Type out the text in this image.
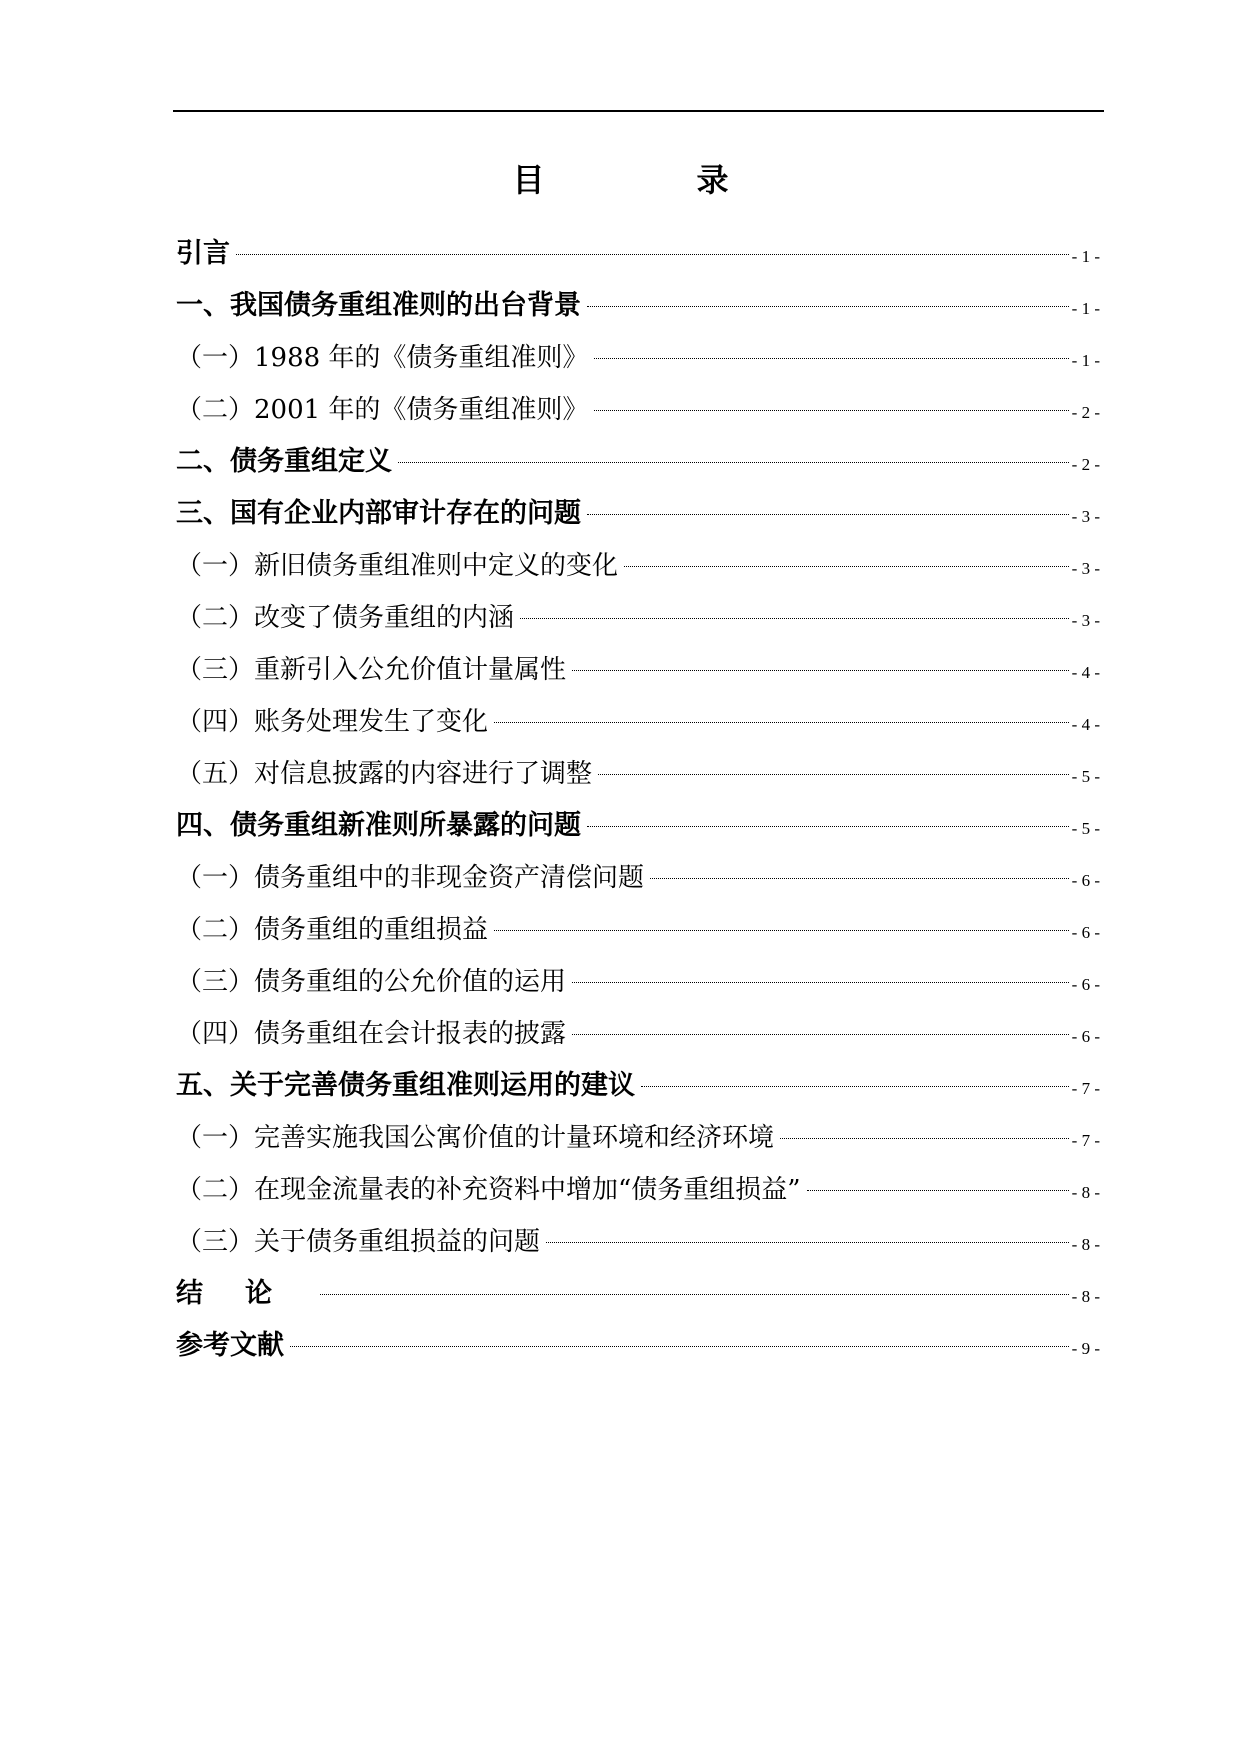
目　录
引言	- 1 -
一、我国债务重组准则的出台背景	- 1 -
（一）1988 年的《债务重组准则》	- 1 -
（二）2001 年的《债务重组准则》	- 2 -
二、债务重组定义	- 2 -
三、国有企业内部审计存在的问题	- 3 -
（一）新旧债务重组准则中定义的变化	- 3 -
（二）改变了债务重组的内涵	- 3 -
（三）重新引入公允价值计量属性	- 4 -
（四）账务处理发生了变化	- 4 -
（五）对信息披露的内容进行了调整	- 5 -
四、债务重组新准则所暴露的问题	- 5 -
（一）债务重组中的非现金资产清偿问题	- 6 -
（二）债务重组的重组损益	- 6 -
（三）债务重组的公允价值的运用	- 6 -
（四）债务重组在会计报表的披露	- 6 -
五、关于完善债务重组准则运用的建议	- 7 -
（一）完善实施我国公寓价值的计量环境和经济环境	- 7 -
（二）在现金流量表的补充资料中增加“债务重组损益”	- 8 -
（三）关于债务重组损益的问题	- 8 -
结论	- 8 -
参考文献	- 9 -
